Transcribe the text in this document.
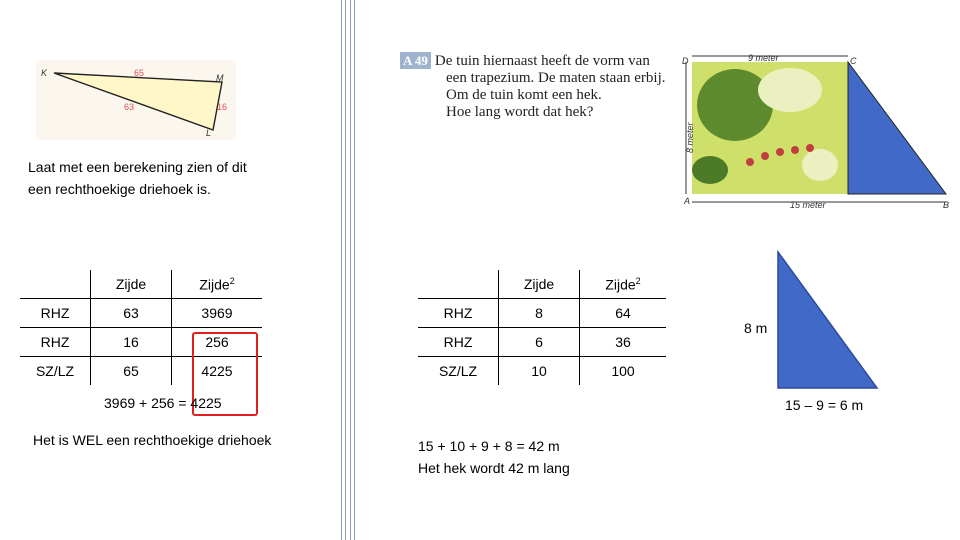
K	M
L
65
63	16
Laat met een berekening zien of dit
een rechthoekige driehoek is.
	Zijde	Zijde$^2$
RHZ	63	3969
RHZ	16	256
SZ/LZ	65	4225
3969 + 256 = 4225
Het is WEL een rechthoekige driehoek
A 49 De tuin hiernaast heeft de vorm van
een trapezium. De maten staan erbij.
Om de tuin komt een hek.
Hoe lang wordt dat hek?
9 meter
15 meter
8 meter
D	C
A	B
	Zijde	Zijde$^2$
RHZ	8	64
RHZ	6	36
SZ/LZ	10	100
8 m
15 – 9 = 6 m
15 + 10 + 9 + 8 = 42 m
Het hek wordt 42 m lang
